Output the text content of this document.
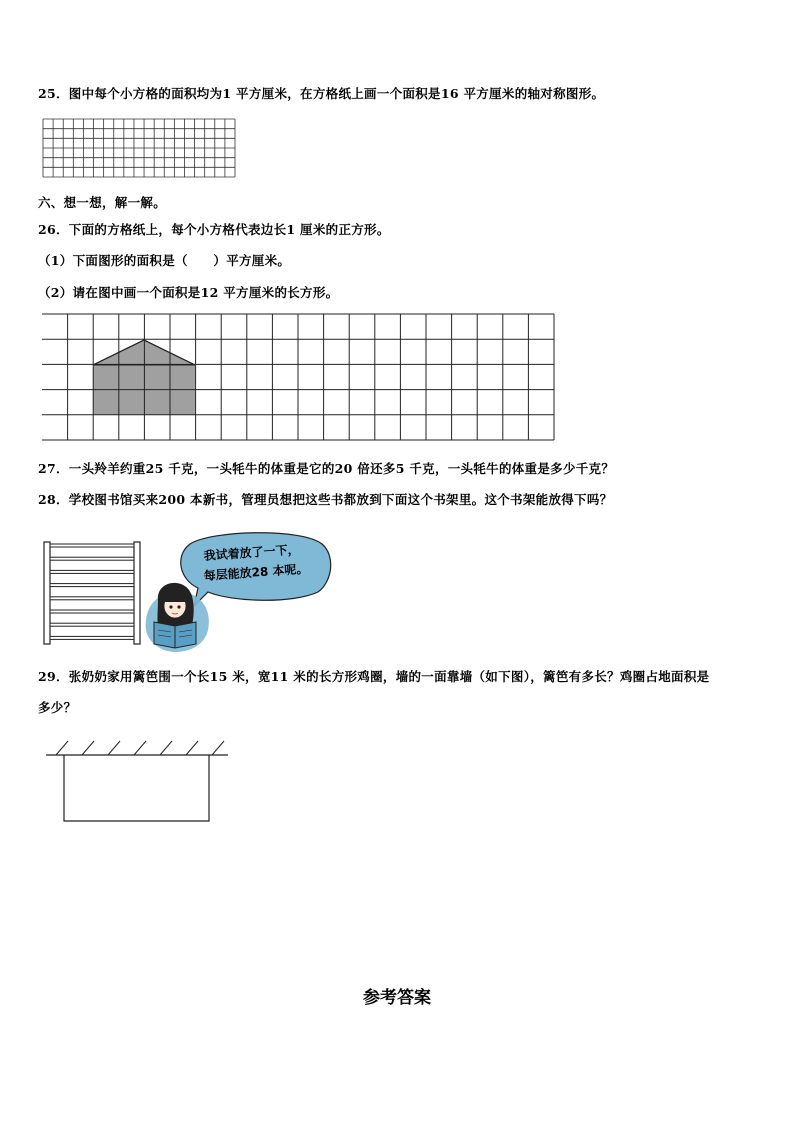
25．图中每个小方格的面积均为1 平方厘米，在方格纸上画一个面积是16 平方厘米的轴对称图形。
六、想一想，解一解。
26．下面的方格纸上，每个小方格代表边长1 厘米的正方形。
（1）下面图形的面积是（　　）平方厘米。
（2）请在图中画一个面积是12 平方厘米的长方形。
27．一头羚羊约重25 千克，一头牦牛的体重是它的20 倍还多5 千克，一头牦牛的体重是多少千克？
28．学校图书馆买来200 本新书，管理员想把这些书都放到下面这个书架里。这个书架能放得下吗？
我试着放了一下，
每层能放28 本呢。
29．张奶奶家用篱笆围一个长15 米，宽11 米的长方形鸡圈，墙的一面靠墙（如下图），篱笆有多长？鸡圈占地面积是
多少？
参考答案
